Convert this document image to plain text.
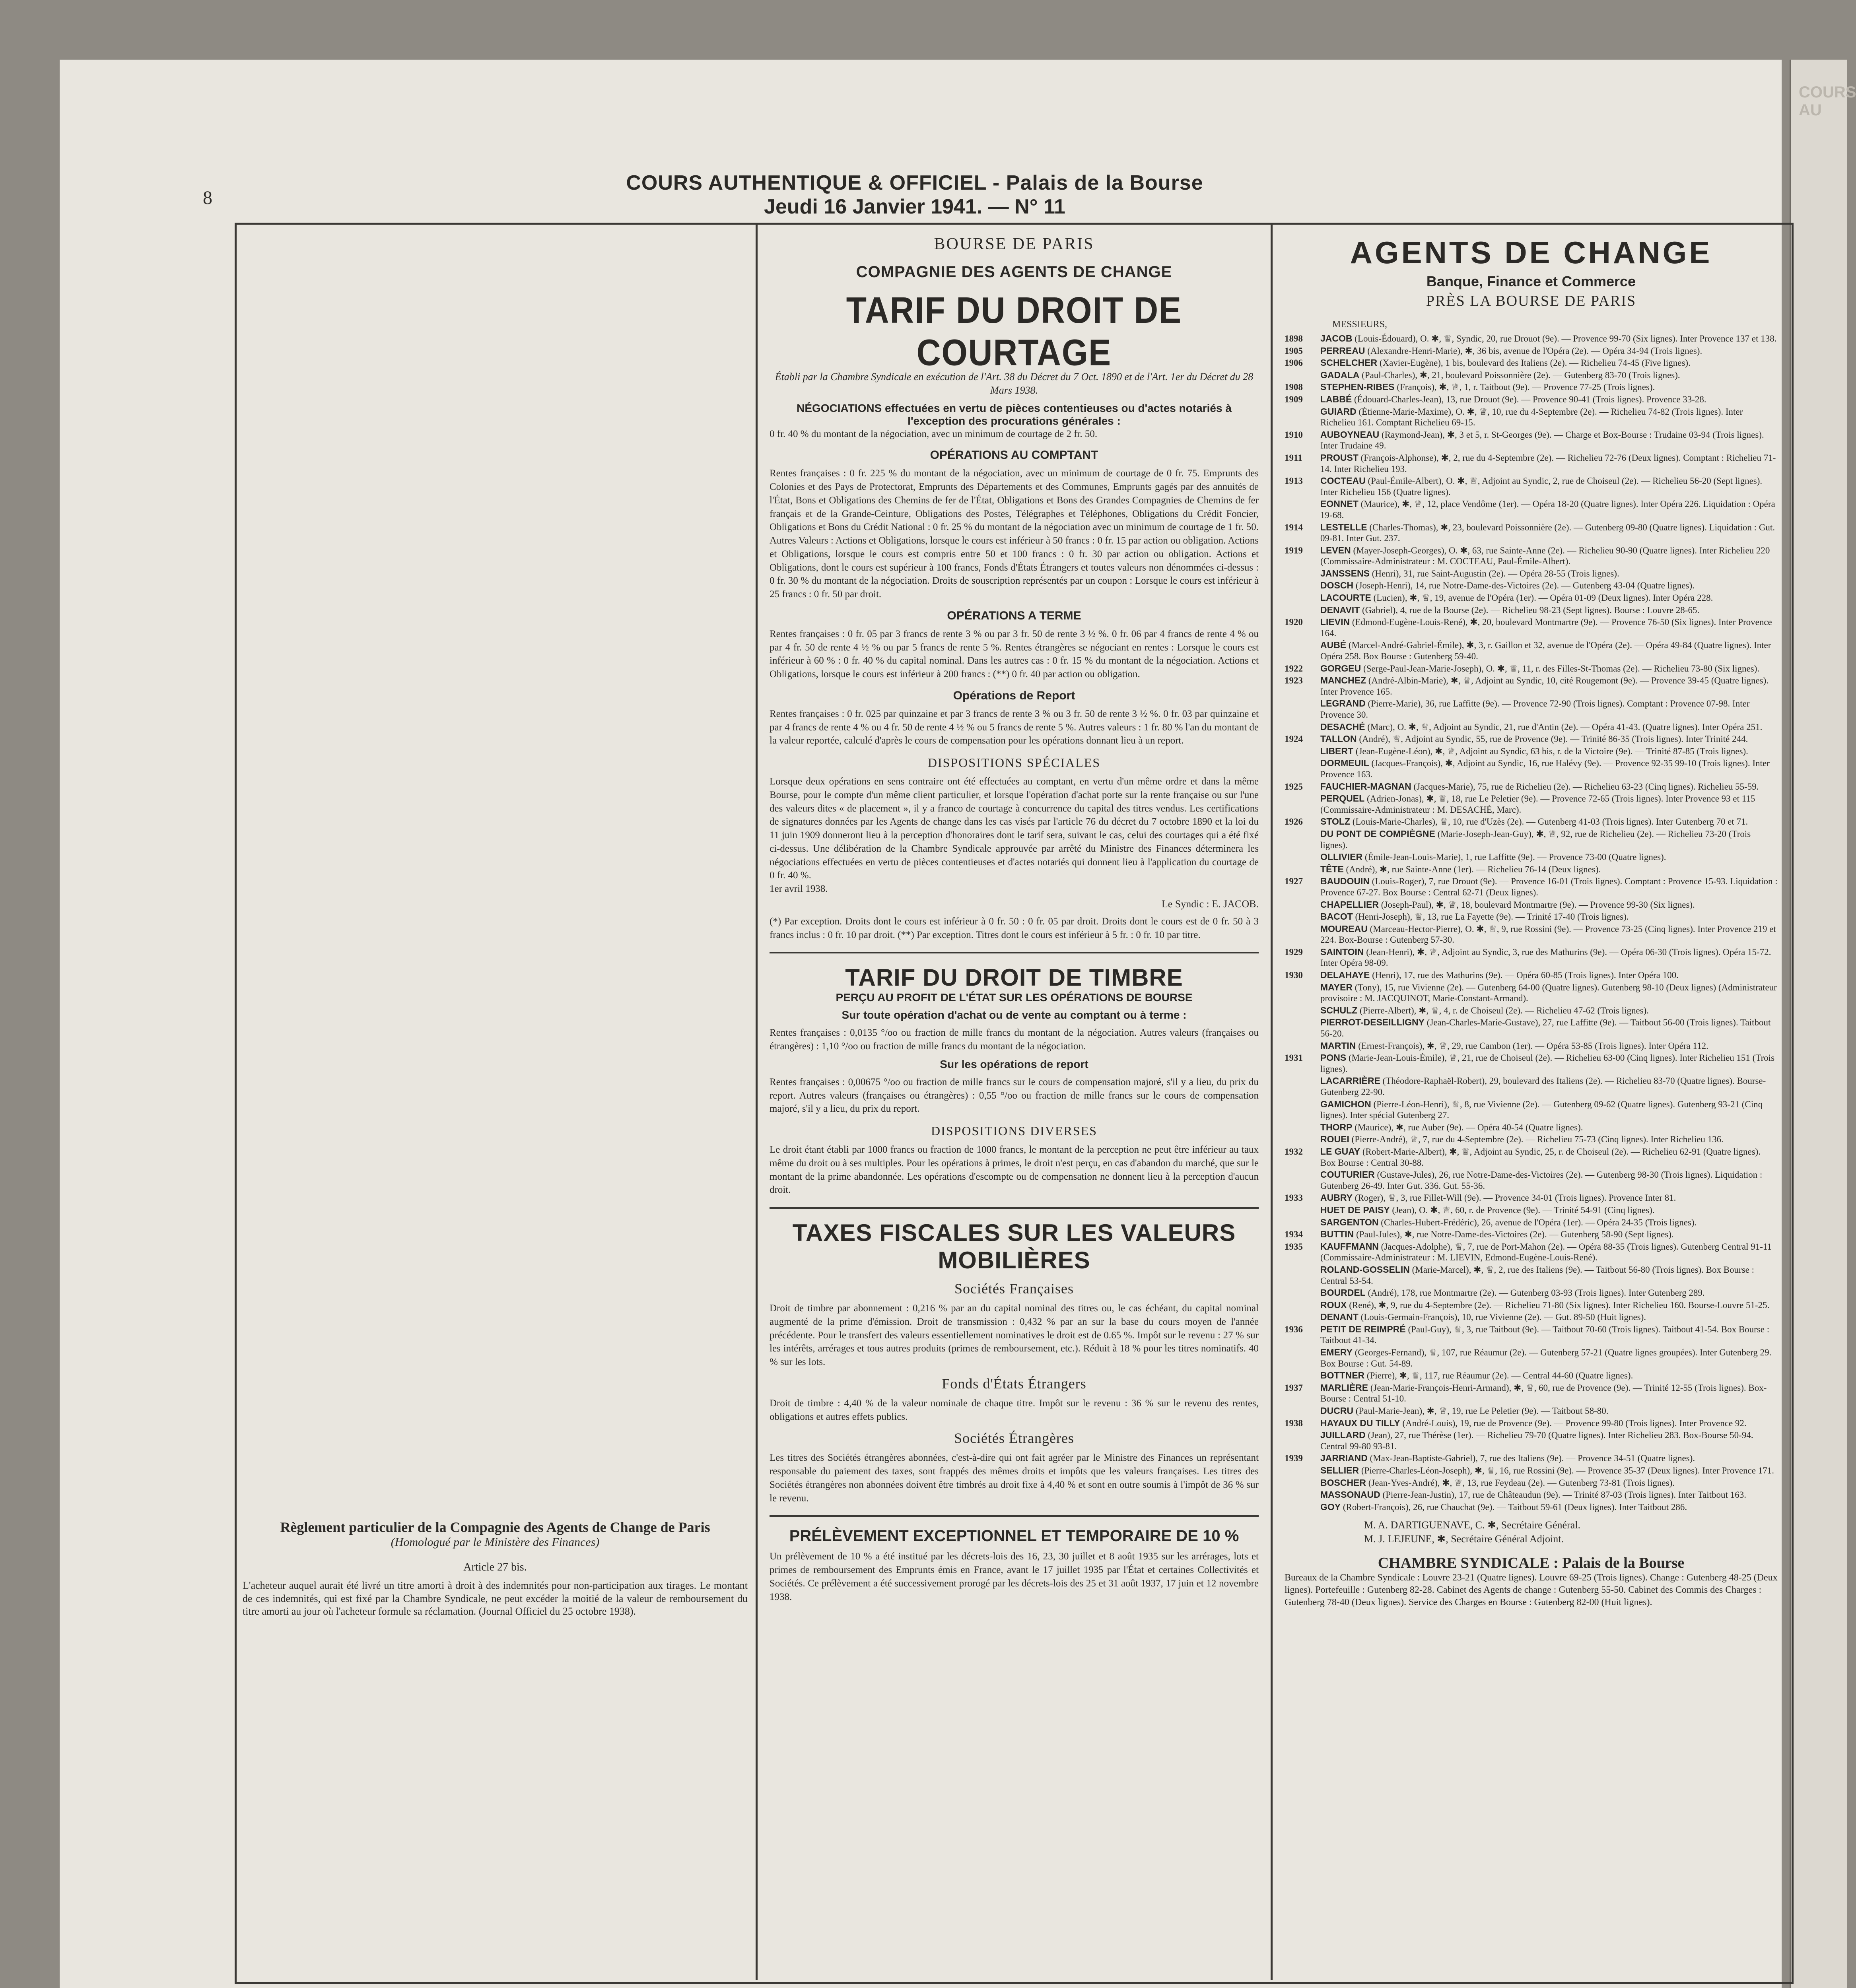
COURS AU
8
COURS AUTHENTIQUE & OFFICIEL - Palais de la Bourse
Jeudi 16 Janvier 1941. — N° 11
Règlement particulier de la Compagnie des Agents de Change de Paris
(Homologué par le Ministère des Finances)
Article 27 bis.
L'acheteur auquel aurait été livré un titre amorti à droit à des indemnités pour non-participation aux tirages. Le montant de ces indemnités, qui est fixé par la Chambre Syndicale, ne peut excéder la moitié de la valeur de remboursement du titre amorti au jour où l'acheteur formule sa réclamation. (Journal Officiel du 25 octobre 1938).
BOURSE DE PARIS
COMPAGNIE DES AGENTS DE CHANGE
TARIF DU DROIT DE COURTAGE
Établi par la Chambre Syndicale en exécution de l'Art. 38 du Décret du 7 Oct. 1890 et de l'Art. 1er du Décret du 28 Mars 1938.
NÉGOCIATIONS effectuées en vertu de pièces contentieuses ou d'actes notariés à l'exception des procurations générales :
0 fr. 40 % du montant de la négociation, avec un minimum de courtage de 2 fr. 50.
OPÉRATIONS AU COMPTANT
Rentes françaises : 0 fr. 225 % du montant de la négociation, avec un minimum de courtage de 0 fr. 75. Emprunts des Colonies et des Pays de Protectorat, Emprunts des Départements et des Communes, Emprunts gagés par des annuités de l'État, Bons et Obligations des Chemins de fer de l'État, Obligations et Bons des Grandes Compagnies de Chemins de fer français et de la Grande-Ceinture, Obligations des Postes, Télégraphes et Téléphones, Obligations du Crédit Foncier, Obligations et Bons du Crédit National : 0 fr. 25 % du montant de la négociation avec un minimum de courtage de 1 fr. 50. Autres Valeurs : Actions et Obligations, lorsque le cours est inférieur à 50 francs : 0 fr. 15 par action ou obligation. Actions et Obligations, lorsque le cours est compris entre 50 et 100 francs : 0 fr. 30 par action ou obligation. Actions et Obligations, dont le cours est supérieur à 100 francs, Fonds d'États Étrangers et toutes valeurs non dénommées ci-dessus : 0 fr. 30 % du montant de la négociation. Droits de souscription représentés par un coupon : Lorsque le cours est inférieur à 25 francs : 0 fr. 50 par droit.
OPÉRATIONS A TERME
Rentes françaises : 0 fr. 05 par 3 francs de rente 3 % ou par 3 fr. 50 de rente 3 ½ %. 0 fr. 06 par 4 francs de rente 4 % ou par 4 fr. 50 de rente 4 ½ % ou par 5 francs de rente 5 %. Rentes étrangères se négociant en rentes : Lorsque le cours est inférieur à 60 % : 0 fr. 40 % du capital nominal. Dans les autres cas : 0 fr. 15 % du montant de la négociation. Actions et Obligations, lorsque le cours est inférieur à 200 francs : (**) 0 fr. 40 par action ou obligation.
Opérations de Report
Rentes françaises : 0 fr. 025 par quinzaine et par 3 francs de rente 3 % ou 3 fr. 50 de rente 3 ½ %. 0 fr. 03 par quinzaine et par 4 francs de rente 4 % ou 4 fr. 50 de rente 4 ½ % ou 5 francs de rente 5 %. Autres valeurs : 1 fr. 80 % l'an du montant de la valeur reportée, calculé d'après le cours de compensation pour les opérations donnant lieu à un report.
DISPOSITIONS SPÉCIALES
Lorsque deux opérations en sens contraire ont été effectuées au comptant, en vertu d'un même ordre et dans la même Bourse, pour le compte d'un même client particulier, et lorsque l'opération d'achat porte sur la rente française ou sur l'une des valeurs dites « de placement », il y a franco de courtage à concurrence du capital des titres vendus. Les certifications de signatures données par les Agents de change dans les cas visés par l'article 76 du décret du 7 octobre 1890 et la loi du 11 juin 1909 donneront lieu à la perception d'honoraires dont le tarif sera, suivant le cas, celui des courtages qui a été fixé ci-dessus. Une délibération de la Chambre Syndicale approuvée par arrêté du Ministre des Finances déterminera les négociations effectuées en vertu de pièces contentieuses et d'actes notariés qui donnent lieu à l'application du courtage de 0 fr. 40 %.
1er avril 1938.
Le Syndic : E. JACOB.
(*) Par exception. Droits dont le cours est inférieur à 0 fr. 50 : 0 fr. 05 par droit. Droits dont le cours est de 0 fr. 50 à 3 francs inclus : 0 fr. 10 par droit. (**) Par exception. Titres dont le cours est inférieur à 5 fr. : 0 fr. 10 par titre.
TARIF DU DROIT DE TIMBRE
PERÇU AU PROFIT DE L'ÉTAT SUR LES OPÉRATIONS DE BOURSE
Sur toute opération d'achat ou de vente au comptant ou à terme :
Rentes françaises : 0,0135 °/oo ou fraction de mille francs du montant de la négociation. Autres valeurs (françaises ou étrangères) : 1,10 °/oo ou fraction de mille francs du montant de la négociation.
Sur les opérations de report
Rentes françaises : 0,00675 °/oo ou fraction de mille francs sur le cours de compensation majoré, s'il y a lieu, du prix du report. Autres valeurs (françaises ou étrangères) : 0,55 °/oo ou fraction de mille francs sur le cours de compensation majoré, s'il y a lieu, du prix du report.
DISPOSITIONS DIVERSES
Le droit étant établi par 1000 francs ou fraction de 1000 francs, le montant de la perception ne peut être inférieur au taux même du droit ou à ses multiples. Pour les opérations à primes, le droit n'est perçu, en cas d'abandon du marché, que sur le montant de la prime abandonnée. Les opérations d'escompte ou de compensation ne donnent lieu à la perception d'aucun droit.
TAXES FISCALES SUR LES VALEURS MOBILIÈRES
Sociétés Françaises
Droit de timbre par abonnement : 0,216 % par an du capital nominal des titres ou, le cas échéant, du capital nominal augmenté de la prime d'émission. Droit de transmission : 0,432 % par an sur la base du cours moyen de l'année précédente. Pour le transfert des valeurs essentiellement nominatives le droit est de 0.65 %. Impôt sur le revenu : 27 % sur les intérêts, arrérages et tous autres produits (primes de remboursement, etc.). Réduit à 18 % pour les titres nominatifs. 40 % sur les lots.
Fonds d'États Étrangers
Droit de timbre : 4,40 % de la valeur nominale de chaque titre. Impôt sur le revenu : 36 % sur le revenu des rentes, obligations et autres effets publics.
Sociétés Étrangères
Les titres des Sociétés étrangères abonnées, c'est-à-dire qui ont fait agréer par le Ministre des Finances un représentant responsable du paiement des taxes, sont frappés des mêmes droits et impôts que les valeurs françaises. Les titres des Sociétés étrangères non abonnées doivent être timbrés au droit fixe à 4,40 % et sont en outre soumis à l'impôt de 36 % sur le revenu.
PRÉLÈVEMENT EXCEPTIONNEL ET TEMPORAIRE DE 10 %
Un prélèvement de 10 % a été institué par les décrets-lois des 16, 23, 30 juillet et 8 août 1935 sur les arrérages, lots et primes de remboursement des Emprunts émis en France, avant le 17 juillet 1935 par l'État et certaines Collectivités et Sociétés. Ce prélèvement a été successivement prorogé par les décrets-lois des 25 et 31 août 1937, 17 juin et 12 novembre 1938.
AGENTS DE CHANGE
Banque, Finance et Commerce
PRÈS LA BOURSE DE PARIS
MESSIEURS,
1898	JACOB (Louis-Édouard), O. ✱, ♕, Syndic, 20, rue Drouot (9e). — Provence 99-70 (Six lignes). Inter Provence 137 et 138.
1905	PERREAU (Alexandre-Henri-Marie), ✱, 36 bis, avenue de l'Opéra (2e). — Opéra 34-94 (Trois lignes).
1906	SCHELCHER (Xavier-Eugène), 1 bis, boulevard des Italiens (2e). — Richelieu 74-45 (Five lignes).
GADALA (Paul-Charles), ✱, 21, boulevard Poissonnière (2e). — Gutenberg 83-70 (Trois lignes).
1908	STEPHEN-RIBES (François), ✱, ♕, 1, r. Taitbout (9e). — Provence 77-25 (Trois lignes).
1909	LABBÉ (Édouard-Charles-Jean), 13, rue Drouot (9e). — Provence 90-41 (Trois lignes). Provence 33-28.
GUIARD (Étienne-Marie-Maxime), O. ✱, ♕, 10, rue du 4-Septembre (2e). — Richelieu 74-82 (Trois lignes). Inter Richelieu 161. Comptant Richelieu 69-15.
1910	AUBOYNEAU (Raymond-Jean), ✱, 3 et 5, r. St-Georges (9e). — Charge et Box-Bourse : Trudaine 03-94 (Trois lignes). Inter Trudaine 49.
1911	PROUST (François-Alphonse), ✱, 2, rue du 4-Septembre (2e). — Richelieu 72-76 (Deux lignes). Comptant : Richelieu 71-14. Inter Richelieu 193.
1913	COCTEAU (Paul-Émile-Albert), O. ✱, ♕, Adjoint au Syndic, 2, rue de Choiseul (2e). — Richelieu 56-20 (Sept lignes). Inter Richelieu 156 (Quatre lignes).
EONNET (Maurice), ✱, ♕, 12, place Vendôme (1er). — Opéra 18-20 (Quatre lignes). Inter Opéra 226. Liquidation : Opéra 19-68.
1914	LESTELLE (Charles-Thomas), ✱, 23, boulevard Poissonnière (2e). — Gutenberg 09-80 (Quatre lignes). Liquidation : Gut. 09-81. Inter Gut. 237.
1919	LEVEN (Mayer-Joseph-Georges), O. ✱, 63, rue Sainte-Anne (2e). — Richelieu 90-90 (Quatre lignes). Inter Richelieu 220 (Commissaire-Administrateur : M. COCTEAU, Paul-Émile-Albert).
JANSSENS (Henri), 31, rue Saint-Augustin (2e). — Opéra 28-55 (Trois lignes).
DOSCH (Joseph-Henri), 14, rue Notre-Dame-des-Victoires (2e). — Gutenberg 43-04 (Quatre lignes).
LACOURTE (Lucien), ✱, ♕, 19, avenue de l'Opéra (1er). — Opéra 01-09 (Deux lignes). Inter Opéra 228.
DENAVIT (Gabriel), 4, rue de la Bourse (2e). — Richelieu 98-23 (Sept lignes). Bourse : Louvre 28-65.
1920	LIEVIN (Edmond-Eugène-Louis-René), ✱, 20, boulevard Montmartre (9e). — Provence 76-50 (Six lignes). Inter Provence 164.
AUBÉ (Marcel-André-Gabriel-Émile), ✱, 3, r. Gaillon et 32, avenue de l'Opéra (2e). — Opéra 49-84 (Quatre lignes). Inter Opéra 258. Box Bourse : Gutenberg 59-40.
1922	GORGEU (Serge-Paul-Jean-Marie-Joseph), O. ✱, ♕, 11, r. des Filles-St-Thomas (2e). — Richelieu 73-80 (Six lignes).
1923	MANCHEZ (André-Albin-Marie), ✱, ♕, Adjoint au Syndic, 10, cité Rougemont (9e). — Provence 39-45 (Quatre lignes). Inter Provence 165.
LEGRAND (Pierre-Marie), 36, rue Laffitte (9e). — Provence 72-90 (Trois lignes). Comptant : Provence 07-98. Inter Provence 30.
DESACHÉ (Marc), O. ✱, ♕, Adjoint au Syndic, 21, rue d'Antin (2e). — Opéra 41-43. (Quatre lignes). Inter Opéra 251.
1924	TALLON (André), ♕, Adjoint au Syndic, 55, rue de Provence (9e). — Trinité 86-35 (Trois lignes). Inter Trinité 244.
LIBERT (Jean-Eugène-Léon), ✱, ♕, Adjoint au Syndic, 63 bis, r. de la Victoire (9e). — Trinité 87-85 (Trois lignes).
DORMEUIL (Jacques-François), ✱, Adjoint au Syndic, 16, rue Halévy (9e). — Provence 92-35 99-10 (Trois lignes). Inter Provence 163.
1925	FAUCHIER-MAGNAN (Jacques-Marie), 75, rue de Richelieu (2e). — Richelieu 63-23 (Cinq lignes). Richelieu 55-59.
PERQUEL (Adrien-Jonas), ✱, ♕, 18, rue Le Peletier (9e). — Provence 72-65 (Trois lignes). Inter Provence 93 et 115 (Commissaire-Administrateur : M. DESACHÉ, Marc).
1926	STOLZ (Louis-Marie-Charles), ♕, 10, rue d'Uzès (2e). — Gutenberg 41-03 (Trois lignes). Inter Gutenberg 70 et 71.
DU PONT DE COMPIÈGNE (Marie-Joseph-Jean-Guy), ✱, ♕, 92, rue de Richelieu (2e). — Richelieu 73-20 (Trois lignes).
OLLIVIER (Émile-Jean-Louis-Marie), 1, rue Laffitte (9e). — Provence 73-00 (Quatre lignes).
TÊTE (André), ✱, rue Sainte-Anne (1er). — Richelieu 76-14 (Deux lignes).
1927	BAUDOUIN (Louis-Roger), 7, rue Drouot (9e). — Provence 16-01 (Trois lignes). Comptant : Provence 15-93. Liquidation : Provence 67-27. Box Bourse : Central 62-71 (Deux lignes).
CHAPELLIER (Joseph-Paul), ✱, ♕, 18, boulevard Montmartre (9e). — Provence 99-30 (Six lignes).
BACOT (Henri-Joseph), ♕, 13, rue La Fayette (9e). — Trinité 17-40 (Trois lignes).
MOUREAU (Marceau-Hector-Pierre), O. ✱, ♕, 9, rue Rossini (9e). — Provence 73-25 (Cinq lignes). Inter Provence 219 et 224. Box-Bourse : Gutenberg 57-30.
1929	SAINTOIN (Jean-Henri), ✱, ♕, Adjoint au Syndic, 3, rue des Mathurins (9e). — Opéra 06-30 (Trois lignes). Opéra 15-72. Inter Opéra 98-09.
1930	DELAHAYE (Henri), 17, rue des Mathurins (9e). — Opéra 60-85 (Trois lignes). Inter Opéra 100.
MAYER (Tony), 15, rue Vivienne (2e). — Gutenberg 64-00 (Quatre lignes). Gutenberg 98-10 (Deux lignes) (Administrateur provisoire : M. JACQUINOT, Marie-Constant-Armand).
SCHULZ (Pierre-Albert), ✱, ♕, 4, r. de Choiseul (2e). — Richelieu 47-62 (Trois lignes).
PIERROT-DESEILLIGNY (Jean-Charles-Marie-Gustave), 27, rue Laffitte (9e). — Taitbout 56-00 (Trois lignes). Taitbout 56-20.
MARTIN (Ernest-François), ✱, ♕, 29, rue Cambon (1er). — Opéra 53-85 (Trois lignes). Inter Opéra 112.
1931	PONS (Marie-Jean-Louis-Émile), ♕, 21, rue de Choiseul (2e). — Richelieu 63-00 (Cinq lignes). Inter Richelieu 151 (Trois lignes).
LACARRIÈRE (Théodore-Raphaël-Robert), 29, boulevard des Italiens (2e). — Richelieu 83-70 (Quatre lignes). Bourse-Gutenberg 22-90.
GAMICHON (Pierre-Léon-Henri), ♕, 8, rue Vivienne (2e). — Gutenberg 09-62 (Quatre lignes). Gutenberg 93-21 (Cinq lignes). Inter spécial Gutenberg 27.
THORP (Maurice), ✱, rue Auber (9e). — Opéra 40-54 (Quatre lignes).
ROUEI (Pierre-André), ♕, 7, rue du 4-Septembre (2e). — Richelieu 75-73 (Cinq lignes). Inter Richelieu 136.
1932	LE GUAY (Robert-Marie-Albert), ✱, ♕, Adjoint au Syndic, 25, r. de Choiseul (2e). — Richelieu 62-91 (Quatre lignes). Box Bourse : Central 30-88.
COUTURIER (Gustave-Jules), 26, rue Notre-Dame-des-Victoires (2e). — Gutenberg 98-30 (Trois lignes). Liquidation : Gutenberg 26-49. Inter Gut. 336. Gut. 55-36.
1933	AUBRY (Roger), ♕, 3, rue Fillet-Will (9e). — Provence 34-01 (Trois lignes). Provence Inter 81.
HUET DE PAISY (Jean), O. ✱, ♕, 60, r. de Provence (9e). — Trinité 54-91 (Cinq lignes).
SARGENTON (Charles-Hubert-Frédéric), 26, avenue de l'Opéra (1er). — Opéra 24-35 (Trois lignes).
1934	BUTTIN (Paul-Jules), ✱, rue Notre-Dame-des-Victoires (2e). — Gutenberg 58-90 (Sept lignes).
1935	KAUFFMANN (Jacques-Adolphe), ♕, 7, rue de Port-Mahon (2e). — Opéra 88-35 (Trois lignes). Gutenberg Central 91-11 (Commissaire-Administrateur : M. LIEVIN, Edmond-Eugène-Louis-René).
ROLAND-GOSSELIN (Marie-Marcel), ✱, ♕, 2, rue des Italiens (9e). — Taitbout 56-80 (Trois lignes). Box Bourse : Central 53-54.
BOURDEL (André), 178, rue Montmartre (2e). — Gutenberg 03-93 (Trois lignes). Inter Gutenberg 289.
ROUX (René), ✱, 9, rue du 4-Septembre (2e). — Richelieu 71-80 (Six lignes). Inter Richelieu 160. Bourse-Louvre 51-25.
DENANT (Louis-Germain-François), 10, rue Vivienne (2e). — Gut. 89-50 (Huit lignes).
1936	PETIT DE REIMPRÉ (Paul-Guy), ♕, 3, rue Taitbout (9e). — Taitbout 70-60 (Trois lignes). Taitbout 41-54. Box Bourse : Taitbout 41-34.
EMERY (Georges-Fernand), ♕, 107, rue Réaumur (2e). — Gutenberg 57-21 (Quatre lignes groupées). Inter Gutenberg 29. Box Bourse : Gut. 54-89.
BOTTNER (Pierre), ✱, ♕, 117, rue Réaumur (2e). — Central 44-60 (Quatre lignes).
1937	MARLIÈRE (Jean-Marie-François-Henri-Armand), ✱, ♕, 60, rue de Provence (9e). — Trinité 12-55 (Trois lignes). Box-Bourse : Central 51-10.
DUCRU (Paul-Marie-Jean), ✱, ♕, 19, rue Le Peletier (9e). — Taitbout 58-80.
1938	HAYAUX DU TILLY (André-Louis), 19, rue de Provence (9e). — Provence 99-80 (Trois lignes). Inter Provence 92.
JUILLARD (Jean), 27, rue Thérèse (1er). — Richelieu 79-70 (Quatre lignes). Inter Richelieu 283. Box-Bourse 50-94. Central 99-80 93-81.
1939	JARRIAND (Max-Jean-Baptiste-Gabriel), 7, rue des Italiens (9e). — Provence 34-51 (Quatre lignes).
SELLIER (Pierre-Charles-Léon-Joseph), ✱, ♕, 16, rue Rossini (9e). — Provence 35-37 (Deux lignes). Inter Provence 171.
BOSCHER (Jean-Yves-André), ✱, ♕, 13, rue Feydeau (2e). — Gutenberg 73-81 (Trois lignes).
MASSONAUD (Pierre-Jean-Justin), 17, rue de Châteaudun (9e). — Trinité 87-03 (Trois lignes). Inter Taitbout 163.
GOY (Robert-François), 26, rue Chauchat (9e). — Taitbout 59-61 (Deux lignes). Inter Taitbout 286.
M. A. DARTIGUENAVE, C. ✱, Secrétaire Général.
M. J. LEJEUNE, ✱, Secrétaire Général Adjoint.
CHAMBRE SYNDICALE : Palais de la Bourse
Bureaux de la Chambre Syndicale : Louvre 23-21 (Quatre lignes). Louvre 69-25 (Trois lignes). Change : Gutenberg 48-25 (Deux lignes). Portefeuille : Gutenberg 82-28. Cabinet des Agents de change : Gutenberg 55-50. Cabinet des Commis des Charges : Gutenberg 78-40 (Deux lignes). Service des Charges en Bourse : Gutenberg 82-00 (Huit lignes).
